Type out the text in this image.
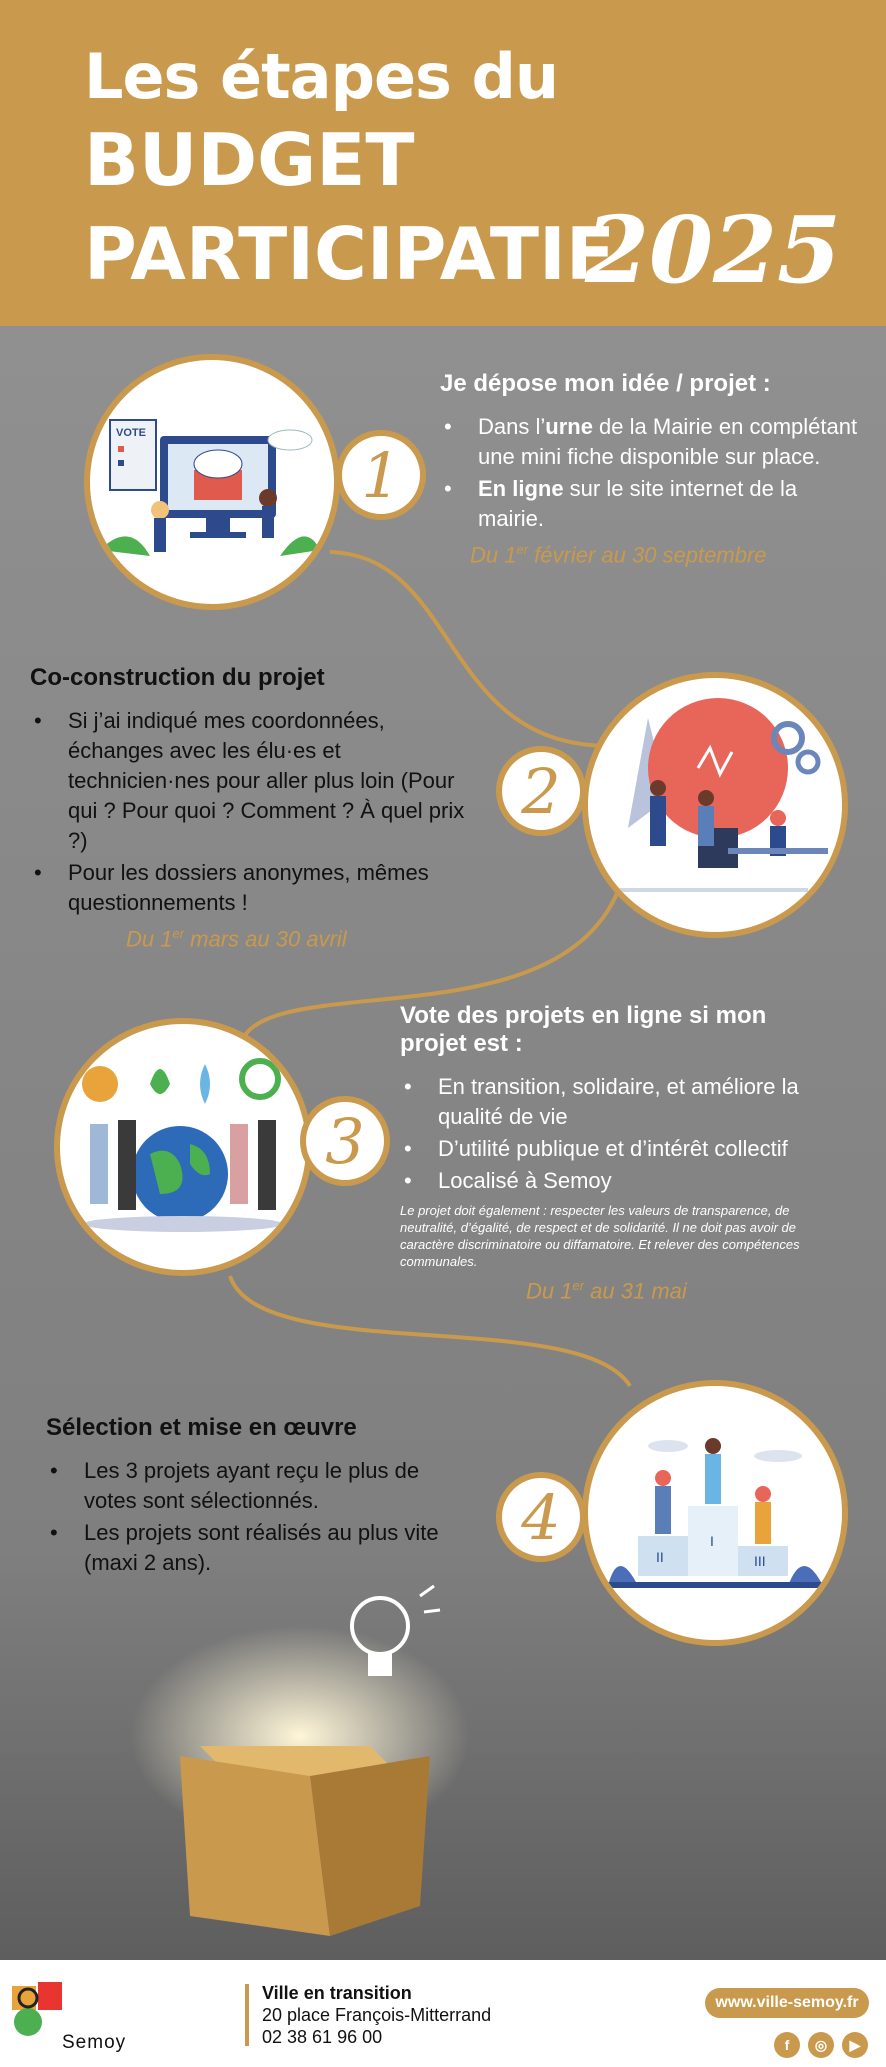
Les étapes du
BUDGET
PARTICIPATIF
2025
VOTE
1
Je dépose mon idée / projet :
• Dans l’urne de la Mairie en complétant une mini fiche disponible sur place.
• En ligne sur le site internet de la mairie.
Du 1er février au 30 septembre
Co-construction du projet
• Si j’ai indiqué mes coordonnées, échanges avec les élu·es et technicien·nes pour aller plus loin (Pour qui ? Pour quoi ? Comment ? À quel prix ?)
• Pour les dossiers anonymes, mêmes questionnements !
Du 1er mars au 30 avril
2
3
Vote des projets en ligne si mon projet est :
• En transition, solidaire, et améliore la qualité de vie
• D’utilité publique et d’intérêt collectif
• Localisé à Semoy
Le projet doit également : respecter les valeurs de transparence, de neutralité, d’égalité, de respect et de solidarité. Il ne doit pas avoir de caractère discriminatoire ou diffamatoire. Et relever des compétences communales.
Du 1er au 31 mai
Sélection et mise en œuvre
• Les 3 projets ayant reçu le plus de votes sont sélectionnés.
• Les projets sont réalisés au plus vite (maxi 2 ans).
4
II
I
III
Semoy
Ville en transition
20 place François-Mitterrand
02 38 61 96 00
www.ville-semoy.fr
f	◎	▶
